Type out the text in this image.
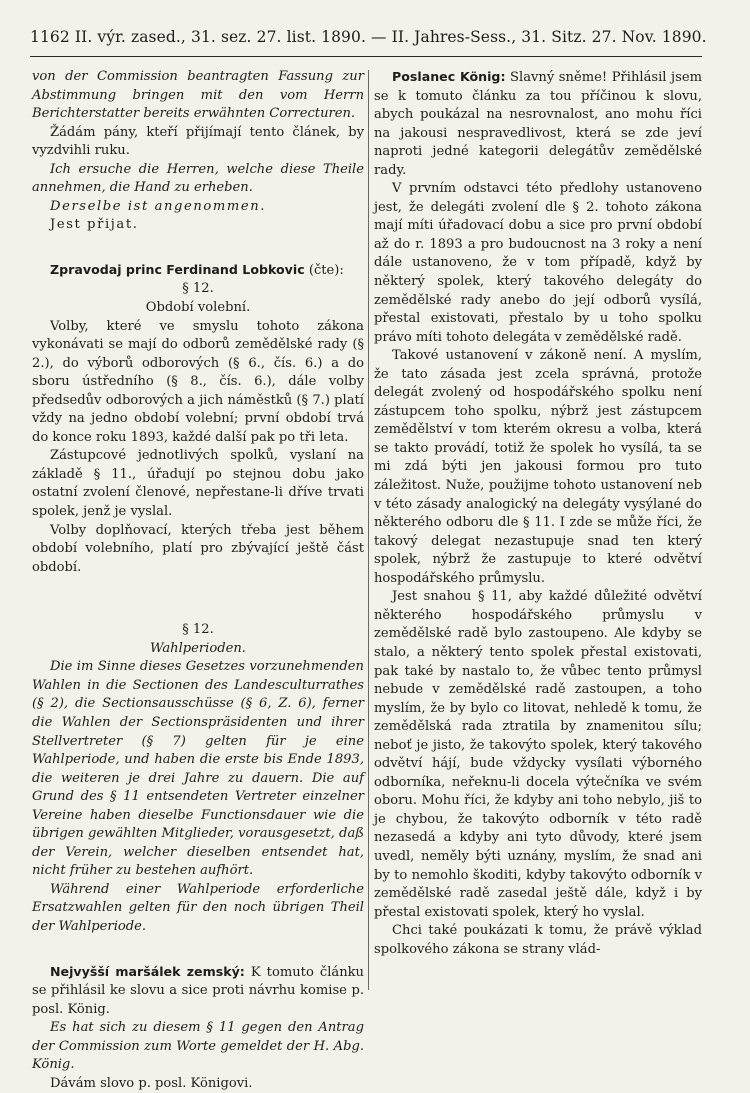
1162 II. výr. zased., 31. sez. 27. list. 1890. — II. Jahres-Sess., 31. Sitz. 27. Nov. 1890.

von der Commission beantragten Fassung zur Abstimmung bringen mit den vom Herrn Berichterstatter bereits erwähnten Correcturen.

Žádám pány, kteří přijímají tento článek, by vyzdvihli ruku.

Ich ersuche die Herren, welche diese Theile annehmen, die Hand zu erheben.

Derselbe ist angenommen.

Jest přijat.

Zpravodaj princ Ferdinand Lobkovic (čte):

§ 12.

Období volební.

Volby, které ve smyslu tohoto zákona vykonávati se mají do odborů zemědělské rady (§ 2.), do výborů odborových (§ 6., čís. 6.) a do sboru ústředního (§ 8., čís. 6.), dále volby předsedův odborových a jich náměstků (§ 7.) platí vždy na jedno období volební; první období trvá do konce roku 1893, každé další pak po tři leta.

Zástupcové jednotlivých spolků, vyslaní na základě § 11., úřadují po stejnou dobu jako ostatní zvolení členové, nepřestane-li dříve trvati spolek, jenž je vyslal.

Volby doplňovací, kterých třeba jest během období volebního, platí pro zbývající ještě část období.

§ 12.

Wahlperioden.

Die im Sinne dieses Gesetzes vorzunehmenden Wahlen in die Sectionen des Landesculturrathes (§ 2), die Sectionsausschüsse (§ 6, Z. 6), ferner die Wahlen der Sectionspräsidenten und ihrer Stellvertreter (§ 7) gelten für je eine Wahlperiode, und haben die erste bis Ende 1893, die weiteren je drei Jahre zu dauern. Die auf Grund des § 11 entsendeten Vertreter einzelner Vereine haben dieselbe Functionsdauer wie die übrigen gewählten Mitglieder, vorausgesetzt, daß der Verein, welcher dieselben entsendet hat, nicht früher zu bestehen aufhört.

Während einer Wahlperiode erforderliche Ersatzwahlen gelten für den noch übrigen Theil der Wahlperiode.

Nejvyšší maršálek zemský: K tomuto článku se přihlásil ke slovu a sice proti návrhu komise p. posl. König.

Es hat sich zu diesem § 11 gegen den Antrag der Commission zum Worte gemeldet der H. Abg. König.

Dávám slovo p. posl. Königovi.

Poslanec König: Slavný sněme! Přihlásil jsem se k tomuto článku za tou příčinou k slovu, abych poukázal na nesrovnalost, ano mohu říci na jakousi nespravedlivost, která se zde jeví naproti jedné kategorii delegátův zemědělské rady.

V prvním odstavci této předlohy ustanoveno jest, že delegáti zvolení dle § 2. tohoto zákona mají míti úřadovací dobu a sice pro první období až do r. 1893 a pro budoucnost na 3 roky a není dále ustanoveno, že v tom případě, když by některý spolek, který takového delegáty do zemědělské rady anebo do její odborů vysílá, přestal existovati, přestalo by u toho spolku právo míti tohoto delegáta v zemědělské radě.

Takové ustanovení v zákoně není. A myslím, že tato zásada jest zcela správná, protože delegát zvolený od hospodářského spolku není zástupcem toho spolku, nýbrž jest zástupcem zemědělství v tom kterém okresu a volba, která se takto provádí, totiž že spolek ho vysílá, ta se mi zdá býti jen jakousi formou pro tuto záležitost. Nuže, použijme tohoto ustanovení neb v této zásady analogický na delegáty vysýlané do některého odboru dle § 11. I zde se může říci, že takový delegat nezastupuje snad ten který spolek, nýbrž že zastupuje to které odvětví hospodářského průmyslu.

Jest snahou § 11, aby každé důležité odvětví některého hospodářského průmyslu v zemědělské radě bylo zastoupeno. Ale kdyby se stalo, a některý tento spolek přestal existovati, pak také by nastalo to, že vůbec tento průmysl nebude v zemědělské radě zastoupen, a toho myslím, že by bylo co litovat, nehledě k tomu, že zemědělská rada ztratila by znamenitou sílu; neboť je jisto, že takovýto spolek, který takového odvětví hájí, bude vždycky vysílati výborného odborníka, neřeknu-li docela výtečníka ve svém oboru. Mohu říci, že kdyby ani toho nebylo, jiš to je chybou, že takovýto odborník v této radě nezasedá a kdyby ani tyto důvody, které jsem uvedl, neměly býti uznány, myslím, že snad ani by to nemohlo škoditi, kdyby takovýto odborník v zemědělské radě zasedal ještě dále, když i by přestal existovati spolek, který ho vyslal.

Chci také poukázati k tomu, že právě výklad spolkového zákona se strany vlád-
